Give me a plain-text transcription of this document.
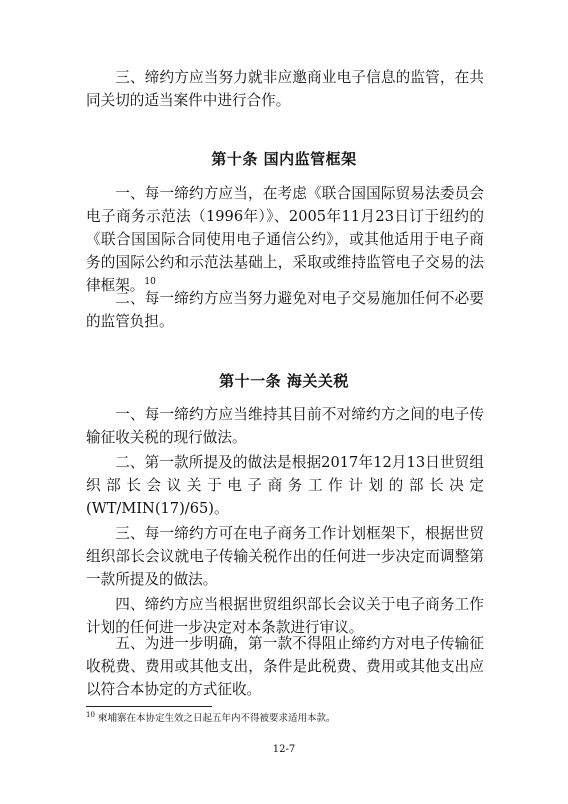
三、缔约方应当努力就非应邀商业电子信息的监管，在共同关切的适当案件中进行合作。

第十条 国内监管框架

一、每一缔约方应当，在考虑《联合国国际贸易法委员会电子商务示范法（1996年）》、2005年11月23日订于纽约的《联合国国际合同使用电子通信公约》，或其他适用于电子商务的国际公约和示范法基础上，采取或维持监管电子交易的法律框架。$^{10}$

二、每一缔约方应当努力避免对电子交易施加任何不必要的监管负担。

第十一条 海关关税

一、每一缔约方应当维持其目前不对缔约方之间的电子传输征收关税的现行做法。

二、第一款所提及的做法是根据2017年12月13日世贸组织部长会议关于电子商务工作计划的部长决定(WT/MIN(17)/65)。

三、每一缔约方可在电子商务工作计划框架下，根据世贸组织部长会议就电子传输关税作出的任何进一步决定而调整第一款所提及的做法。

四、缔约方应当根据世贸组织部长会议关于电子商务工作计划的任何进一步决定对本条款进行审议。

五、为进一步明确，第一款不得阻止缔约方对电子传输征收税费、费用或其他支出，条件是此税费、费用或其他支出应以符合本协定的方式征收。

$^{10}$ 柬埔寨在本协定生效之日起五年内不得被要求适用本款。
12-7
